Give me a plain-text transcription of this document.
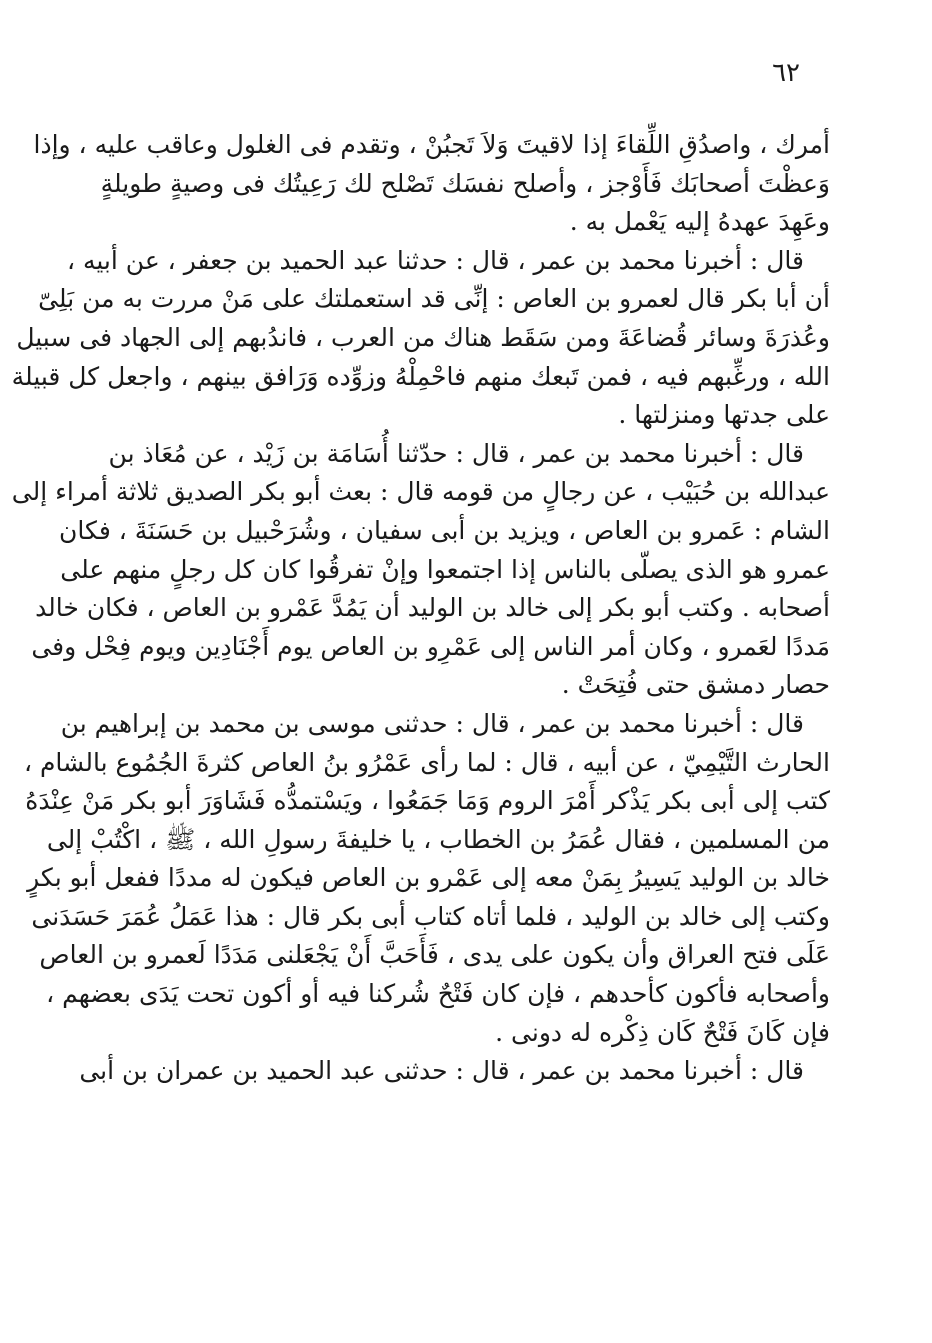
٦٢

أمرك ، واصدُقِ اللِّقاءَ إذا لاقيتَ وَلاَ تَجبُنْ ، وتقدم فى الغلول وعاقب عليه ، وإذا
وَعظْتَ أصحابَك فَأَوْجز ، وأصلح نفسَك تَصْلح لك رَعِيتُك فى وصيةٍ طويلةٍ
وعَهِدَ عهدهُ إليه يَعْمل به .

قال : أخبرنا محمد بن عمر ، قال : حدثنا عبد الحميد بن جعفر ، عن أبيه ،
أن أبا بكر قال لعمرو بن العاص : إنِّى قد استعملتك على مَنْ مررت به من بَلِىّ
وعُذرَةَ وسائر قُضاعَةَ ومن سَقَط هناك من العرب ، فاندُبهم إلى الجهاد فى سبيل
الله ، ورغِّبهم فيه ، فمن تَبعك منهم فاحْمِلْهُ وزوِّده وَرَافق بينهم ، واجعل كل قبيلة
على جدتها ومنزلتها .

قال : أخبرنا محمد بن عمر ، قال : حدّثنا أُسَامَة بن زَيْد ، عن مُعَاذ بن
عبدالله بن حُبَيْب ، عن رجالٍ من قومه قال : بعث أبو بكر الصديق ثلاثة أمراء إلى
الشام : عَمرو بن العاص ، ويزيد بن أبى سفيان ، وشُرَحْبيل بن حَسَنَةَ ، فكان
عمرو هو الذى يصلّى بالناس إذا اجتمعوا وإنْ تفرقُوا كان كل رجلٍ منهم على
أصحابه . وكتب أبو بكر إلى خالد بن الوليد أن يَمُدَّ عَمْرو بن العاص ، فكان خالد
مَددًا لعَمرو ، وكان أمر الناس إلى عَمْرِو بن العاص يوم أَجْنَادِين ويوم فِحْل وفى
حصار دمشق حتى فُتِحَتْ .

قال : أخبرنا محمد بن عمر ، قال : حدثنى موسى بن محمد بن إبراهيم بن
الحارث التَّيْمِيّ ، عن أبيه ، قال : لما رأى عَمْرُو بنُ العاص كثرةَ الجُمُوع بالشام ،
كتب إلى أبى بكر يَذْكر أَمْرَ الروم وَمَا جَمَعُوا ، ويَسْتمدُّه فَشَاوَرَ أبو بكر مَنْ عِنْدَهُ
من المسلمين ، فقال عُمَرُ بن الخطاب ، يا خليفةَ رسولِ الله ، ﷺ ، اكْتُبْ إلى
خالد بن الوليد يَسِيرُ بِمَنْ معه إلى عَمْرو بن العاص فيكون له مددًا ففعل أبو بكرٍ
وكتب إلى خالد بن الوليد ، فلما أتاه كتاب أبى بكر قال : هذا عَمَلُ عُمَرَ حَسَدَنى
عَلَى فتح العراق وأن يكون على يدى ، فَأَحَبَّ أَنْ يَجْعَلنى مَدَدًا لَعمرو بن العاص
وأصحابه فأكون كأحدهم ، فإن كان فَتْحٌ شُركنا فيه أو أكون تحت يَدَى بعضهم ،
فإن كَانَ فَتْحٌ كَان ذِكْره له دونى .

قال : أخبرنا محمد بن عمر ، قال : حدثنى عبد الحميد بن عمران بن أبى
